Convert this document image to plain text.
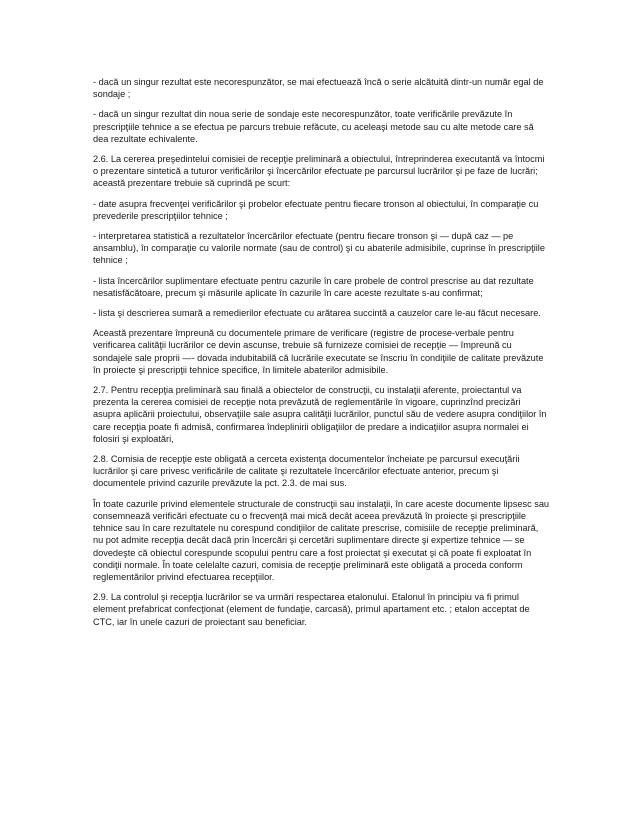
- dacă un singur rezultat este necorespunzător, se mai efectuează încă o serie alcătuită dintr-un număr egal de sondaje ;

- dacă un singur rezultat din noua serie de sondaje este necorespunzător, toate verificările prevăzute în prescripţiile tehnice a se efectua pe parcurs trebuie refăcute, cu aceleaşi metode sau cu alte metode care să dea rezultate echivalente.

2.6. La cererea preşedintelui comisiei de recepţie preliminară a obiectului, întreprinderea executantă va întocmi o prezentare sintetică a tuturor verificărilor şi încercărilor efectuate pe parcursul lucrărilor şi pe faze de lucrări; această prezentare trebuie să cuprindă pe scurt:

- date asupra frecvenţei verificărilor şi probelor efectuate pentru fiecare tronson al obiectului, în comparaţie cu prevederile prescripţiilor tehnice ;

- interpretarea statistică a rezultatelor încercărilor efectuate (pentru fiecare tronson şi — după caz — pe ansamblu), în comparaţie cu valorile normate (sau de control) şi cu abaterile admisibile, cuprinse în prescripţiile tehnice ;

- lista încercărilor suplimentare efectuate pentru cazurile în care probele de control prescrise au dat rezultate nesatisfăcătoare, precum şi măsurile aplicate în cazurile în care aceste rezultate s-au confirmat;

- lista şi descrierea sumară a remedierilor efectuate cu arătarea succintă a cauzelor care le-au făcut necesare.

Această prezentare împreună cu documentele primare de verificare (registre de procese-verbale pentru verificarea calităţii lucrărilor ce devin ascunse, trebuie să furnizeze comisiei de recepţie — împreună cu sondajele sale proprii —- dovada indubitabilă că lucrările executate se înscriu în condiţiile de calitate prevăzute în proiecte şi prescripţii tehnice specifice, în limitele abaterilor admisibile.

2.7. Pentru recepţia preliminară sau finală a obiectelor de construcţii, cu instalaţii aferente, proiectantul va prezenta la cererea comisiei de recepţie nota prevăzută de reglementările în vigoare, cuprinzînd precizări asupra aplicării proiectului, observaţiile sale asupra calităţii lucrărilor, punctul său de vedere asupra condiţiilor în care recepţia poate fi admisă, confirmarea îndeplinirii obligaţiilor de predare a indicaţiilor asupra normalei ei folosiri şi exploatări,

2.8. Comisia de recepţie este obligată a cerceta existenţa documentelor încheiate pe parcursul execuţării lucrărilor şi care privesc verificările de calitate şi rezultatele încercărilor efectuate anterior, precum şi documentele privind cazurile prevăzute la pct. 2.3. de mai sus.

În toate cazurile privind elementele structurale de construcţii sau instalaţii, în care aceste documente lipsesc sau consemnează verificări efectuate cu o frecvenţă mai mică decât aceea prevăzută în proiecte şi prescripţiile tehnice sau în care rezultatele nu corespund condiţiilor de calitate prescrise, comisiile de recepţie preliminară, nu pot admite recepţia decât dacă prin încercări şi cercetări suplimentare directe şi expertize tehnice — se dovedeşte că obiectul corespunde scopului pentru care a fost proiectat şi executat şi că poate fi exploatat în condiţii normale. În toate celelalte cazuri, comisia de recepţie preliminară este obligată a proceda conform reglementărilor privind efectuarea recepţiilor.

2.9. La controlul şi recepţia lucrărilor se va urmări respectarea etalonului. Etalonul în principiu va fi primul element prefabricat confecţionat (element de fundaţie, carcasă), primul apartament etc. ; etalon acceptat de CTC, iar în unele cazuri de proiectant sau beneficiar.
